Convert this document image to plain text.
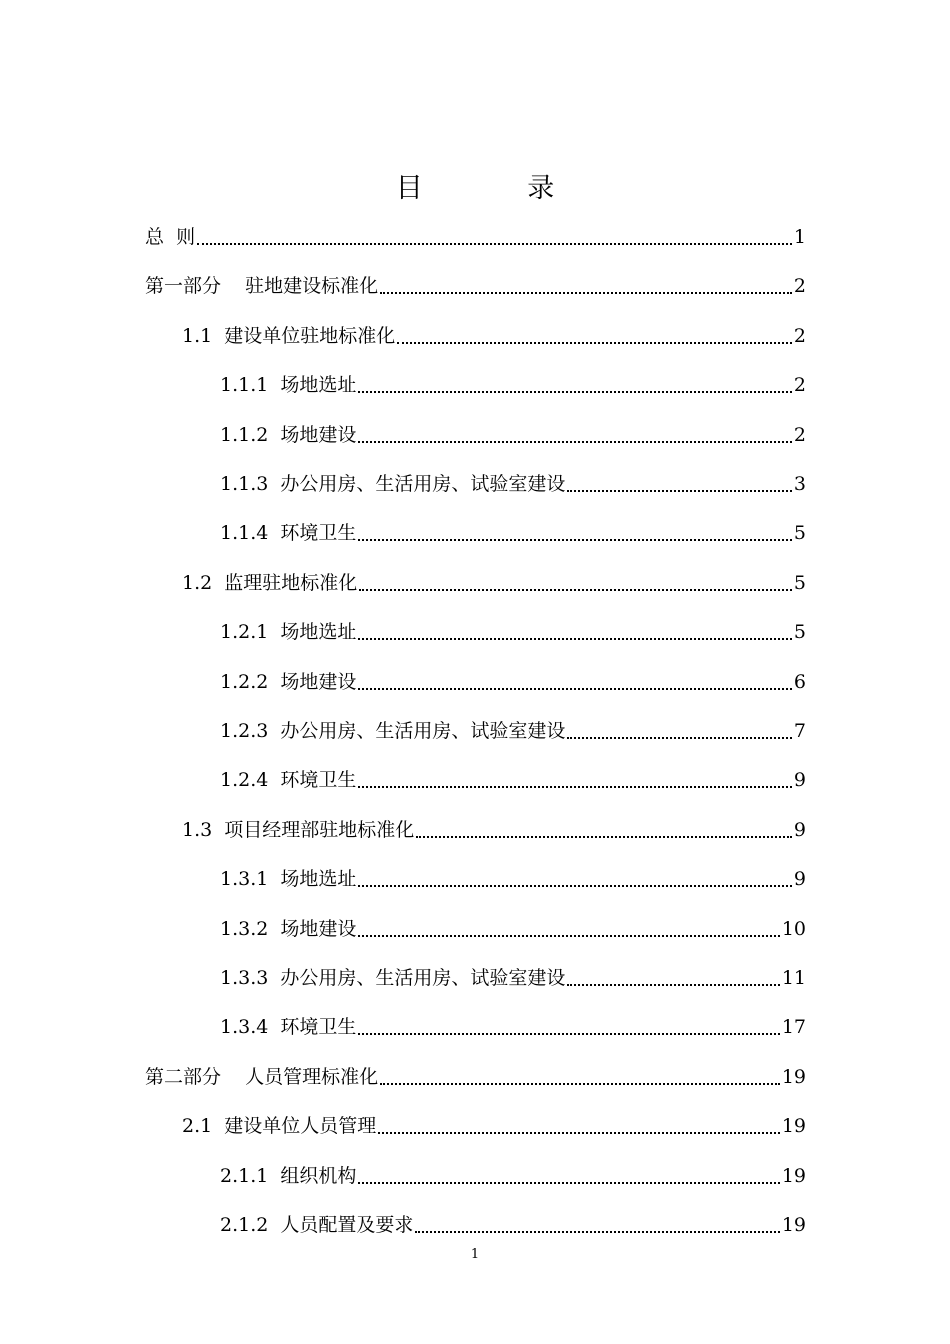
目 录
总  则	1
第一部分    驻地建设标准化	2
1.1  建设单位驻地标准化	2
1.1.1  场地选址	2
1.1.2  场地建设	2
1.1.3  办公用房、生活用房、试验室建设	3
1.1.4  环境卫生	5
1.2  监理驻地标准化	5
1.2.1  场地选址	5
1.2.2  场地建设	6
1.2.3  办公用房、生活用房、试验室建设	7
1.2.4  环境卫生	9
1.3  项目经理部驻地标准化	9
1.3.1  场地选址	9
1.3.2  场地建设	10
1.3.3  办公用房、生活用房、试验室建设	11
1.3.4  环境卫生	17
第二部分    人员管理标准化	19
2.1  建设单位人员管理	19
2.1.1  组织机构	19
2.1.2  人员配置及要求	19
1
